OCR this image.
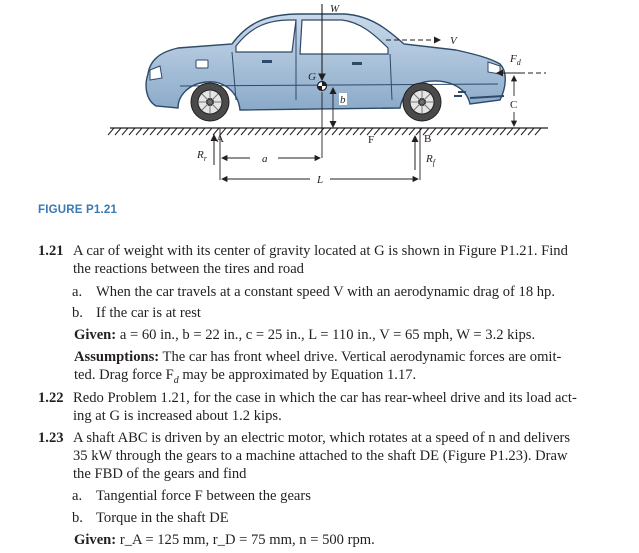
W
G
b
V
$F_d$
C
A	F	B
$R_r$	$R_f$
a
L
FIGURE P1.21
1.21 A car of weight with its center of gravity located at G is shown in Figure P1.21. Find
the reactions between the tires and road
a. When the car travels at a constant speed V with an aerodynamic drag of 18 hp.
b. If the car is at rest
Given: a = 60 in., b = 22 in., c = 25 in., L = 110 in., V = 65 mph, W = 3.2 kips.
Assumptions: The car has front wheel drive. Vertical aerodynamic forces are omit-
ted. Drag force $F_d$ may be approximated by Equation 1.17.
1.22 Redo Problem 1.21, for the case in which the car has rear-wheel drive and its load act-
ing at G is increased about 1.2 kips.
1.23 A shaft ABC is driven by an electric motor, which rotates at a speed of n and delivers
35 kW through the gears to a machine attached to the shaft DE (Figure P1.23). Draw
the FBD of the gears and find
a. Tangential force F between the gears
b. Torque in the shaft DE
Given: r_A = 125 mm, r_D = 75 mm, n = 500 rpm.
